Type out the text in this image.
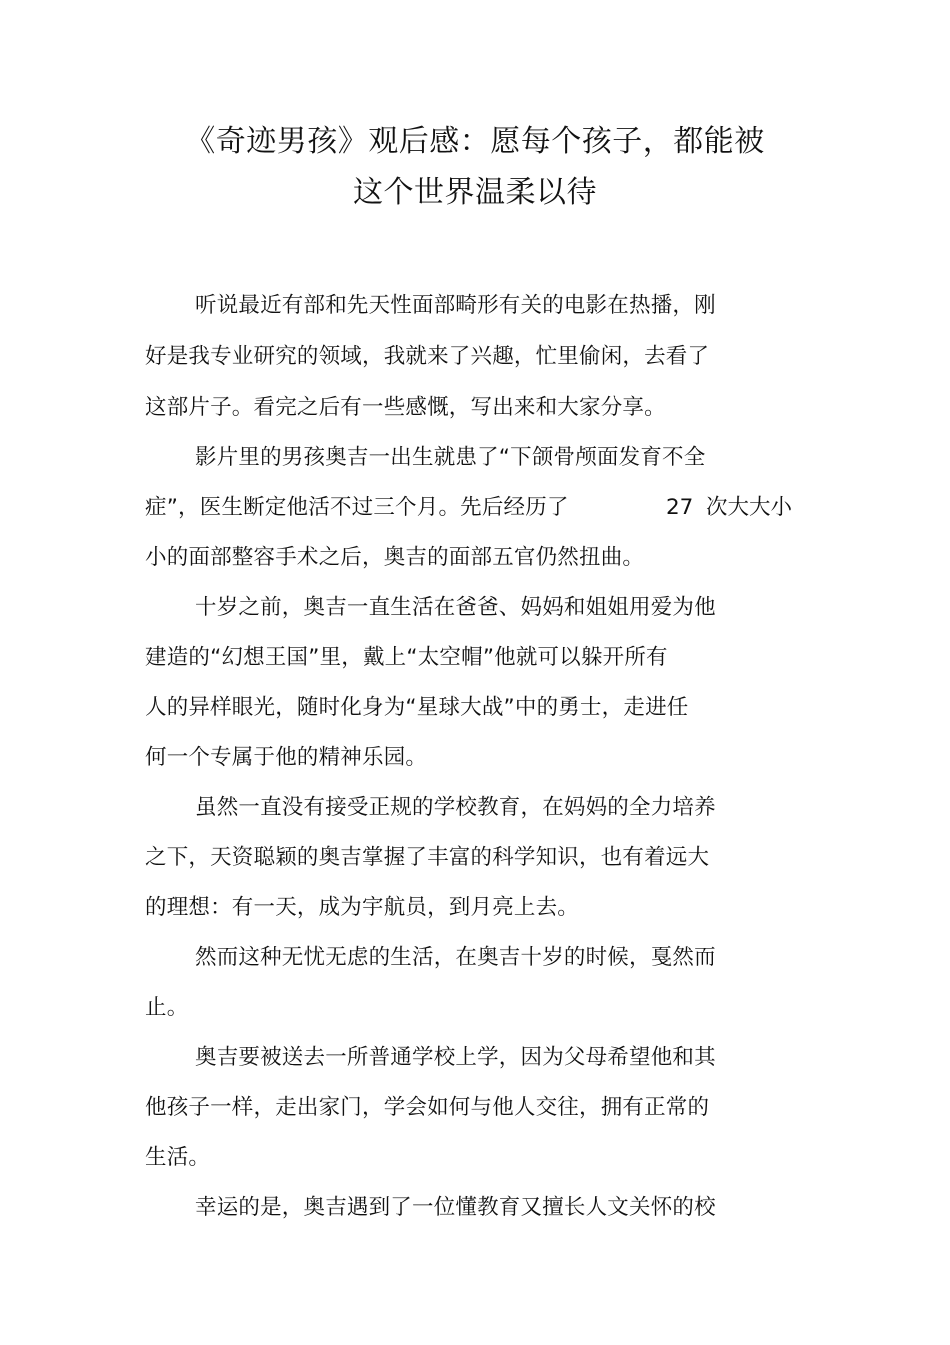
《奇迹男孩》观后感：愿每个孩子，都能被
这个世界温柔以待
听说最近有部和先天性面部畸形有关的电影在热播，刚
好是我专业研究的领域，我就来了兴趣，忙里偷闲，去看了
这部片子。看完之后有一些感慨，写出来和大家分享。
影片里的男孩奥吉一出生就患了“下颌骨颅面发育不全
症”，医生断定他活不过三个月。先后经历了	27 次大大小
小的面部整容手术之后，奥吉的面部五官仍然扭曲。
十岁之前，奥吉一直生活在爸爸、妈妈和姐姐用爱为他
建造的“幻想王国”里，戴上“太空帽”他就可以躲开所有
人的异样眼光，随时化身为“星球大战”中的勇士，走进任
何一个专属于他的精神乐园。
虽然一直没有接受正规的学校教育，在妈妈的全力培养
之下，天资聪颖的奥吉掌握了丰富的科学知识，也有着远大
的理想：有一天，成为宇航员，到月亮上去。
然而这种无忧无虑的生活，在奥吉十岁的时候，戛然而
止。
奥吉要被送去一所普通学校上学，因为父母希望他和其
他孩子一样，走出家门，学会如何与他人交往，拥有正常的
生活。
幸运的是，奥吉遇到了一位懂教育又擅长人文关怀的校
